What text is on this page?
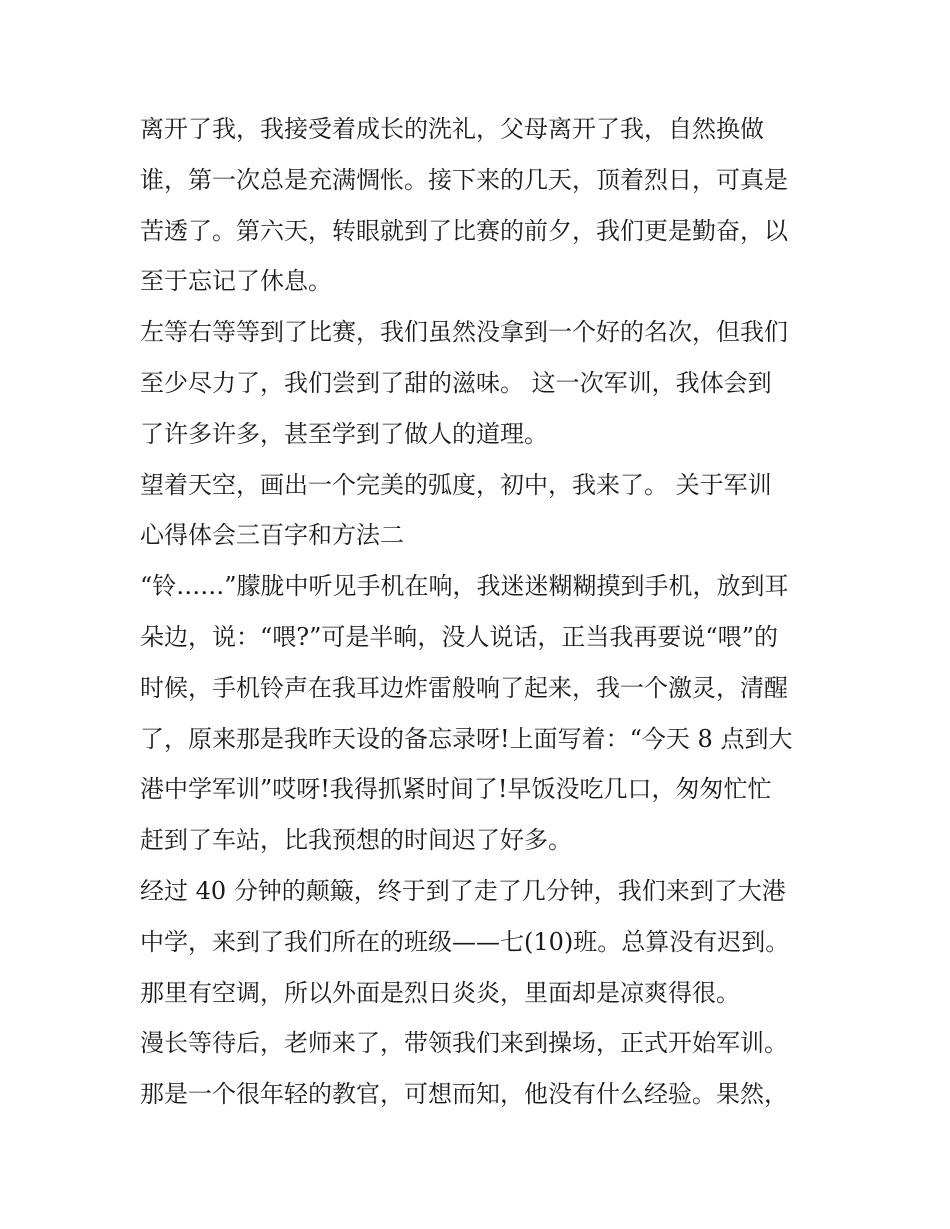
离开了我，我接受着成长的洗礼，父母离开了我，自然换做
谁，第一次总是充满惆怅。接下来的几天，顶着烈日，可真是
苦透了。第六天，转眼就到了比赛的前夕，我们更是勤奋，以
至于忘记了休息。
左等右等等到了比赛，我们虽然没拿到一个好的名次，但我们
至少尽力了，我们尝到了甜的滋味。 这一次军训，我体会到
了许多许多，甚至学到了做人的道理。
望着天空，画出一个完美的弧度，初中，我来了。 关于军训
心得体会三百字和方法二
“铃……”朦胧中听见手机在响，我迷迷糊糊摸到手机，放到耳
朵边，说：“喂?”可是半晌，没人说话，正当我再要说“喂”的
时候，手机铃声在我耳边炸雷般响了起来，我一个激灵，清醒
了，原来那是我昨天设的备忘录呀!上面写着：“今天 8 点到大
港中学军训”哎呀!我得抓紧时间了!早饭没吃几口，匆匆忙忙
赶到了车站，比我预想的时间迟了好多。
经过 40 分钟的颠簸，终于到了走了几分钟，我们来到了大港
中学，来到了我们所在的班级——七(10)班。总算没有迟到。
那里有空调，所以外面是烈日炎炎，里面却是凉爽得很。
漫长等待后，老师来了，带领我们来到操场，正式开始军训。
那是一个很年轻的教官，可想而知，他没有什么经验。果然，
